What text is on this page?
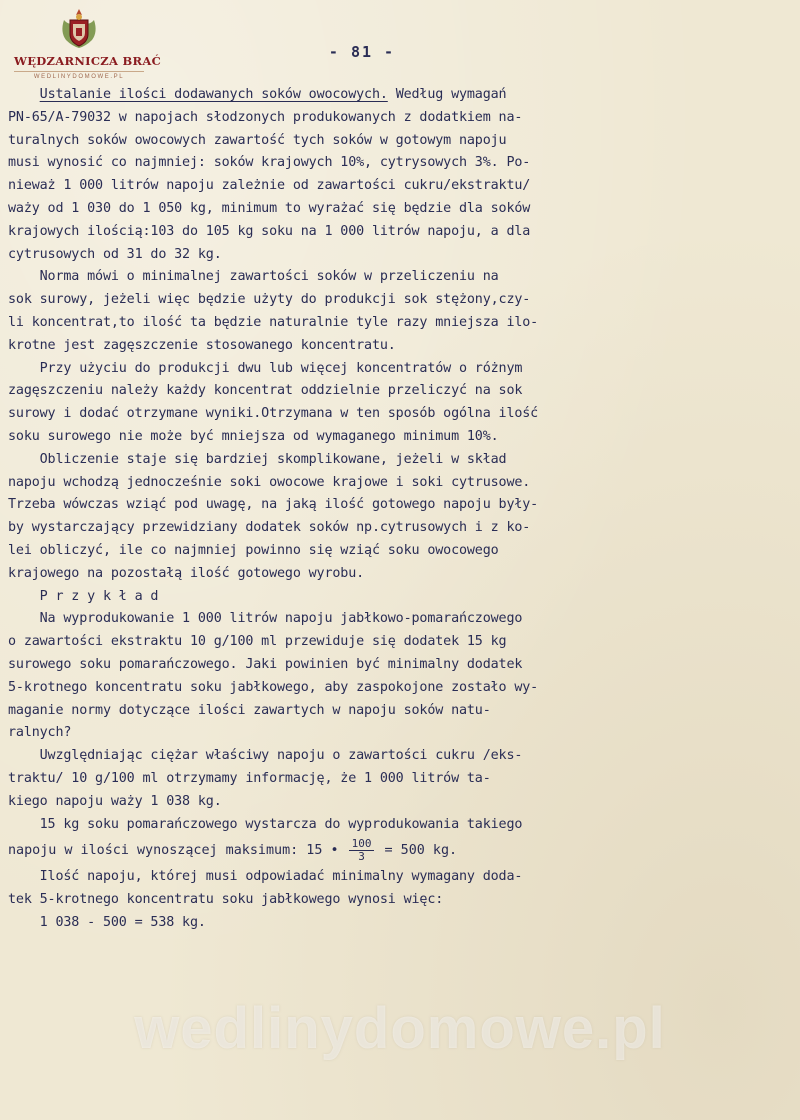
WĘDZARNICZA BRAĆ
WEDLINYDOMOWE.PL
- 81 -
Ustalanie ilości dodawanych soków owocowych. Według wymagań
PN-65/A-79032 w napojach słodzonych produkowanych z dodatkiem na-
turalnych soków owocowych zawartość tych soków w gotowym napoju
musi wynosić co najmniej: soków krajowych 10%, cytrysowych 3%. Po-
nieważ 1 000 litrów napoju zależnie od zawartości cukru/ekstraktu/
waży od 1 030 do 1 050 kg, minimum to wyrażać się będzie dla soków
krajowych ilością:103 do 105 kg soku na 1 000 litrów napoju, a dla
cytrusowych od 31 do 32 kg.
Norma mówi o minimalnej zawartości soków w przeliczeniu na
sok surowy, jeżeli więc będzie użyty do produkcji sok stężony,czy-
li koncentrat,to ilość ta będzie naturalnie tyle razy mniejsza ilo-
krotne jest zagęszczenie stosowanego koncentratu.
Przy użyciu do produkcji dwu lub więcej koncentratów o różnym
zagęszczeniu należy każdy koncentrat oddzielnie przeliczyć na sok
surowy i dodać otrzymane wyniki.Otrzymana w ten sposób ogólna ilość
soku surowego nie może być mniejsza od wymaganego minimum 10%.
Obliczenie staje się bardziej skomplikowane, jeżeli w skład
napoju wchodzą jednocześnie soki owocowe krajowe i soki cytrusowe.
Trzeba wówczas wziąć pod uwagę, na jaką ilość gotowego napoju były-
by wystarczający przewidziany dodatek soków np.cytrusowych i z ko-
lei obliczyć, ile co najmniej powinno się wziąć soku owocowego
krajowego na pozostałą ilość gotowego wyrobu.
P r z y k ł a d
Na wyprodukowanie 1 000 litrów napoju jabłkowo-pomarańczowego
o zawartości ekstraktu 10 g/100 ml przewiduje się dodatek 15 kg
surowego soku pomarańczowego. Jaki powinien być minimalny dodatek
5-krotnego koncentratu soku jabłkowego, aby zaspokojone zostało wy-
maganie normy dotyczące ilości zawartych w napoju soków natu-
ralnych?
Uwzględniając ciężar właściwy napoju o zawartości cukru /eks-
traktu/ 10 g/100 ml otrzymamy informację, że 1 000 litrów ta-
kiego napoju waży 1 038 kg.
15 kg soku pomarańczowego wystarcza do wyprodukowania takiego
napoju w ilości wynoszącej maksimum: 15 • $\frac{100}{3} = 500$ kg.
Ilość napoju, której musi odpowiadać minimalny wymagany doda-
tek 5-krotnego koncentratu soku jabłkowego wynosi więc:
1 038 - 500 = 538 kg.
wedlinydomowe.pl
